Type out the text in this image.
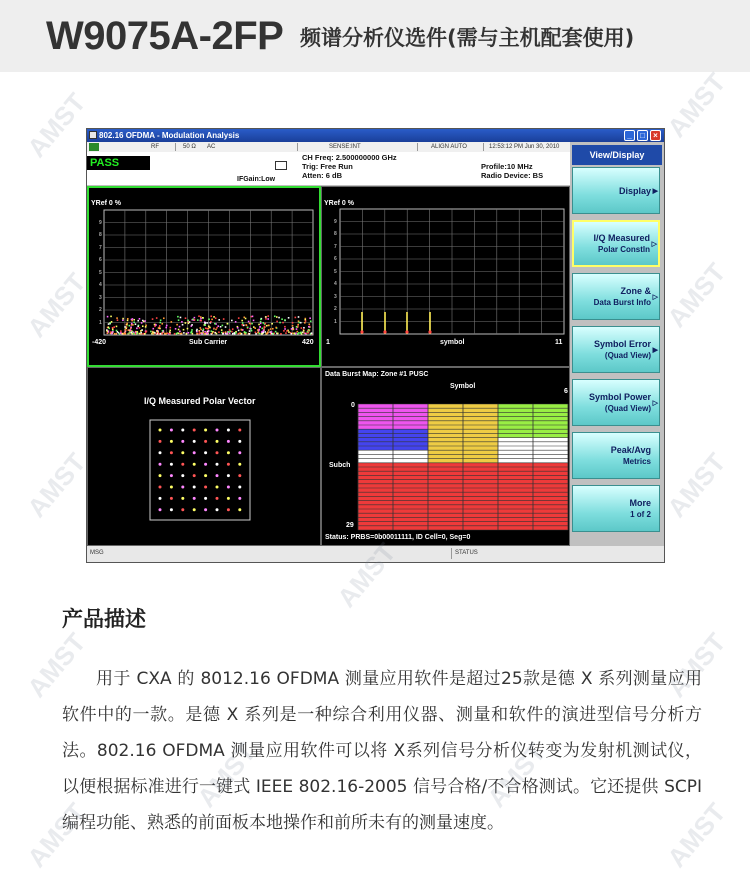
W9075A-2FP 频谱分析仪选件(需与主机配套使用)
802.16 OFDMA - Modulation Analysis	_	□	×
RF	50 Ω AC	SENSE:INT	ALIGN AUTO	12:53:12 PM Jun 30, 2010
PASS	CH Freq: 2.500000000 GHz
Trig: Free Run
Atten: 6 dB
IFGain:Low
Profile:10 MHz
Radio Device: BS
YRef 0 %
-420	Sub Carrier	420
9
8
7
6
5
4
3
2
1
YRef 0 %
1	symbol	11
9
8
7
6
5
4
3
2
1
I/Q Measured Polar Vector
Data Burst Map: Zone #1 PUSC
Symbol
6
0
Subch
29
Status: PRBS=0b00011111, ID Cell=0, Seg=0
View/Display
Display ▶
I/Q Measured
Polar Constln
▷
Zone &
Data Burst Info
▷
Symbol Error
(Quad View)
▶
Symbol Power
(Quad View)
▷
Peak/Avg
Metrics
More
1 of 2
MSG	STATUS
产品描述
用于 CXA 的 8012.16 OFDMA 测量应用软件是超过25款是德 X 系列测量应用软件中的一款。是德 X 系列是一种综合利用仪器、测量和软件的演进型信号分析方法。802.16 OFDMA 测量应用软件可以将 X系列信号分析仪转变为发射机测试仪，以便根据标准进行一键式 IEEE 802.16-2005 信号合格/不合格测试。它还提供 SCPI编程功能、熟悉的前面板本地操作和前所未有的测量速度。
AMST
AMST
AMST
AMST
AMST
AMST
AMST
AMST
AMST
AMST
AMST
AMST	AMST
